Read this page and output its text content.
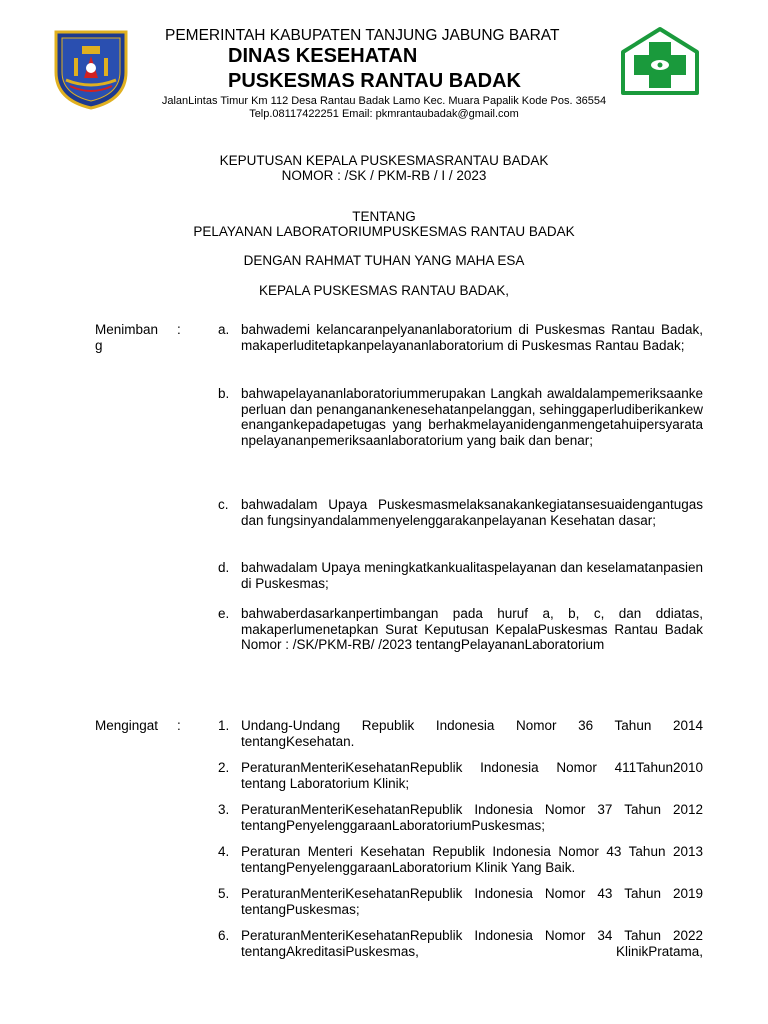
PEMERINTAH KABUPATEN TANJUNG JABUNG BARAT
DINAS KESEHATAN
PUSKESMAS RANTAU BADAK
JalanLintas Timur Km 112 Desa Rantau Badak Lamo Kec. Muara Papalik Kode Pos. 36554
Telp.08117422251 Email: pkmrantaubadak@gmail.com
KEPUTUSAN KEPALA PUSKESMASRANTAU BADAK
NOMOR : /SK / PKM-RB / I / 2023
TENTANG
PELAYANAN LABORATORIUMPUSKESMAS RANTAU BADAK
DENGAN RAHMAT TUHAN YANG MAHA ESA
KEPALA PUSKESMAS RANTAU BADAK,
Menimban g
:	a. bahwademi kelancaranpelyananlaboratorium di Puskesmas Rantau Badak, makaperluditetapkanpelayananlaboratorium di Puskesmas Rantau Badak;
b. bahwapelayananlaboratoriummerupakan Langkah awaldalampemeriksaankeperluan dan penanganankenesehatanpelanggan, sehinggaperludiberikankewenangankepadapetugas yang berhakmelayanidenganmengetahuipersyaratanpelayananpemeriksaanlaboratorium yang baik dan benar;
c. bahwadalam Upaya Puskesmasmelaksanakankegiatansesuaidengantugas dan fungsinyandalammenyelenggarakanpelayanan Kesehatan dasar;
d. bahwadalam Upaya meningkatkankualitaspelayanan dan keselamatanpasien di Puskesmas;
e. bahwaberdasarkanpertimbangan pada huruf a, b, c, dan ddiatas, makaperlumenetapkan Surat Keputusan KepalaPuskesmas Rantau Badak Nomor : /SK/PKM-RB/ /2023 tentangPelayananLaboratorium
Mengingat	:	1. Undang-Undang Republik Indonesia Nomor 36 Tahun 2014 tentangKesehatan.
2. PeraturanMenteriKesehatanRepublik Indonesia Nomor 411Tahun2010 tentang Laboratorium Klinik;
3. PeraturanMenteriKesehatanRepublik Indonesia Nomor 37 Tahun 2012 tentangPenyelenggaraanLaboratoriumPuskesmas;
4. Peraturan Menteri Kesehatan Republik Indonesia Nomor 43 Tahun 2013 tentangPenyelenggaraanLaboratorium Klinik Yang Baik.
5. PeraturanMenteriKesehatanRepublik Indonesia Nomor 43 Tahun 2019 tentangPuskesmas;
6. PeraturanMenteriKesehatanRepublik Indonesia Nomor 34 Tahun 2022 tentangAkreditasiPuskesmas, KlinikPratama,
